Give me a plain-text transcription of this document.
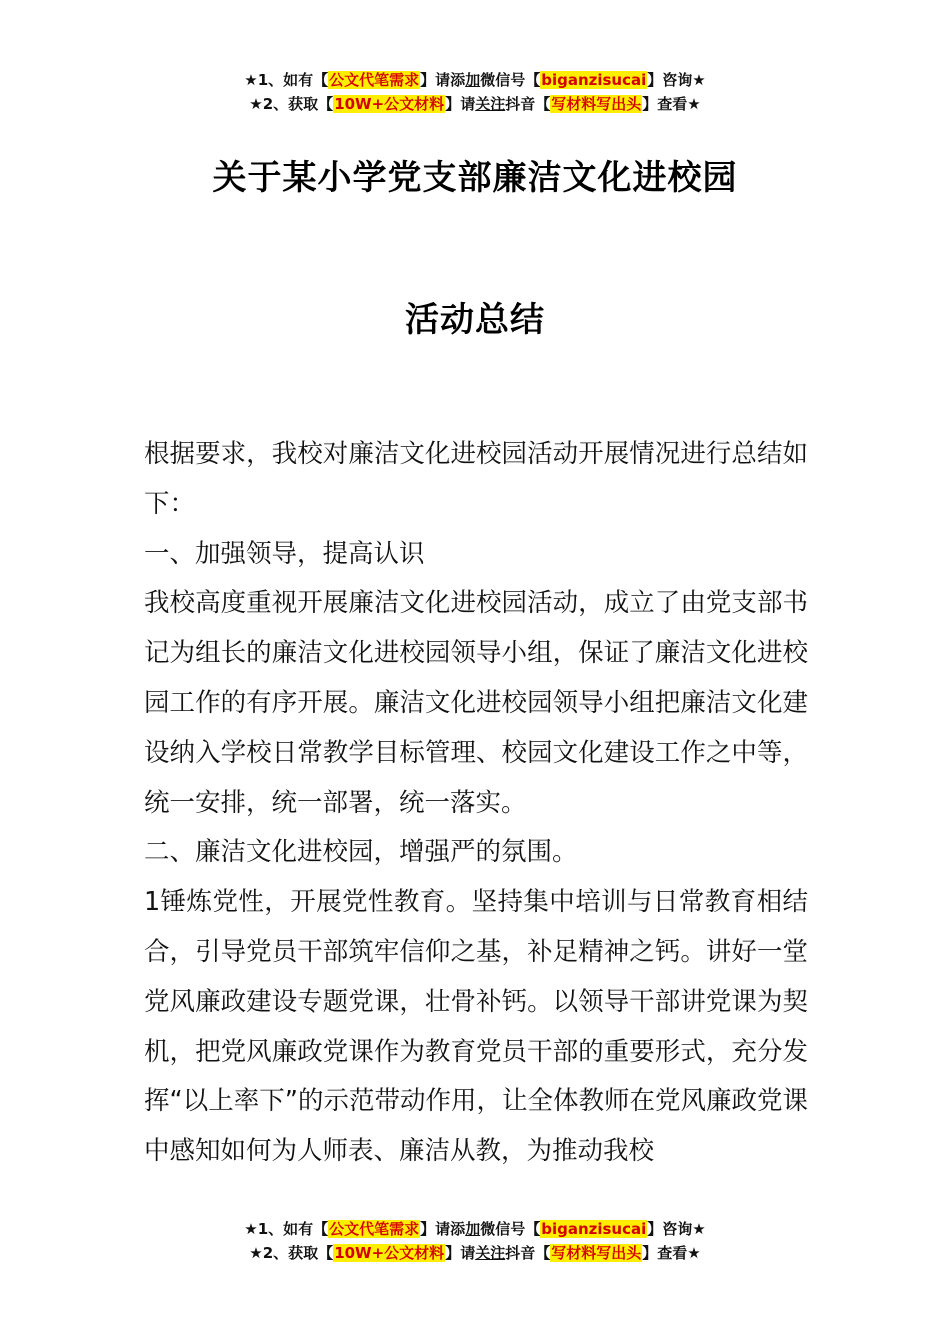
★1、如有【公文代笔需求】请添加微信号【biganzisucai】咨询★
★2、获取【10W+公文材料】请关注抖音【写材料写出头】查看★
关于某小学党支部廉洁文化进校园
活动总结

根据要求，我校对廉洁文化进校园活动开展情况进行总结如下：

一、加强领导，提高认识

我校高度重视开展廉洁文化进校园活动，成立了由党支部书记为组长的廉洁文化进校园领导小组，保证了廉洁文化进校园工作的有序开展。廉洁文化进校园领导小组把廉洁文化建设纳入学校日常教学目标管理、校园文化建设工作之中等，统一安排，统一部署，统一落实。

二、廉洁文化进校园，增强严的氛围。

1锤炼党性，开展党性教育。坚持集中培训与日常教育相结合，引导党员干部筑牢信仰之基，补足精神之钙。讲好一堂党风廉政建设专题党课，壮骨补钙。以领导干部讲党课为契机，把党风廉政党课作为教育党员干部的重要形式，充分发挥“以上率下”的示范带动作用，让全体教师在党风廉政党课中感知如何为人师表、廉洁从教，为推动我校

★1、如有【公文代笔需求】请添加微信号【biganzisucai】咨询★
★2、获取【10W+公文材料】请关注抖音【写材料写出头】查看★
